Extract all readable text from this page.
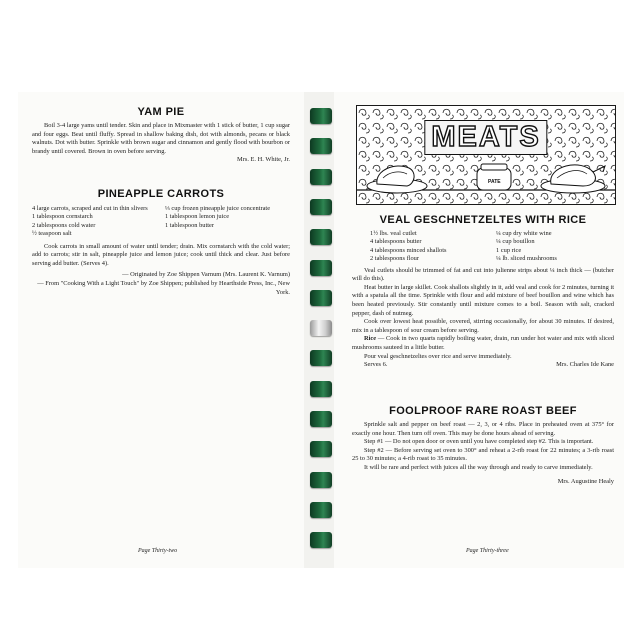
YAM PIE

Boil 3-4 large yams until tender. Skin and place in Mixmaster with 1 stick of butter, 1 cup sugar and four eggs. Beat until fluffy. Spread in shallow baking dish, dot with almonds, pecans or black walnuts. Dot with butter. Sprinkle with brown sugar and cinnamon and gently flood with bourbon or brandy until covered. Brown in oven before serving.

Mrs. E. H. White, Jr.

PINEAPPLE CARROTS
4 large carrots, scraped and cut in thin slivers
1 tablespoon cornstarch
2 tablespoons cold water
½ teaspoon salt
⅓ cup frozen pineapple juice concentrate
1 tablespoon lemon juice
1 tablespoon butter

Cook carrots in small amount of water until tender; drain. Mix cornstarch with the cold water; add to carrots; stir in salt, pineapple juice and lemon juice; cook until thick and clear. Just before serving add butter. (Serves 4).

— Originated by Zoe Shippen Varnum (Mrs. Laurent K. Varnum)

— From "Cooking With a Light Touch" by Zoe Shippen; published by Hearthside Press, Inc., New York.

Page Thirty-two
MEATS
PATE
VEAL GESCHNETZELTES WITH RICE
1½ lbs. veal cutlet
4 tablespoons butter
4 tablespoons minced shallots
2 tablespoons flour
¼ cup dry white wine
¼ cup bouillon
1 cup rice
¼ lb. sliced mushrooms

Veal cutlets should be trimmed of fat and cut into julienne strips about ¼ inch thick — (butcher will do this).

Heat butter in large skillet. Cook shallots slightly in it, add veal and cook for 2 minutes, turning it with a spatula all the time. Sprinkle with flour and add mixture of beef bouillon and wine which has been heated previously. Stir constantly until mixture comes to a boil. Season with salt, cracked pepper, dash of nutmeg.

Cook over lowest heat possible, covered, stirring occasionally, for about 30 minutes. If desired, mix in a tablespoon of sour cream before serving.

Rice — Cook in two quarts rapidly boiling water, drain, run under hot water and mix with sliced mushrooms sauteed in a little butter.

Pour veal geschnetzeltes over rice and serve immediately.

Serves 6.	Mrs. Charles Ide Kane

FOOLPROOF RARE ROAST BEEF

Sprinkle salt and pepper on beef roast — 2, 3, or 4 ribs. Place in preheated oven at 375° for exactly one hour. Then turn off oven. This may be done hours ahead of serving.

Step #1 — Do not open door or oven until you have completed step #2. This is important.

Step #2 — Before serving set oven to 300° and reheat a 2-rib roast for 22 minutes; a 3-rib roast 25 to 30 minutes; a 4-rib roast to 35 minutes.

It will be rare and perfect with juices all the way through and ready to carve immediately.

Mrs. Augustine Healy

Page Thirty-three
